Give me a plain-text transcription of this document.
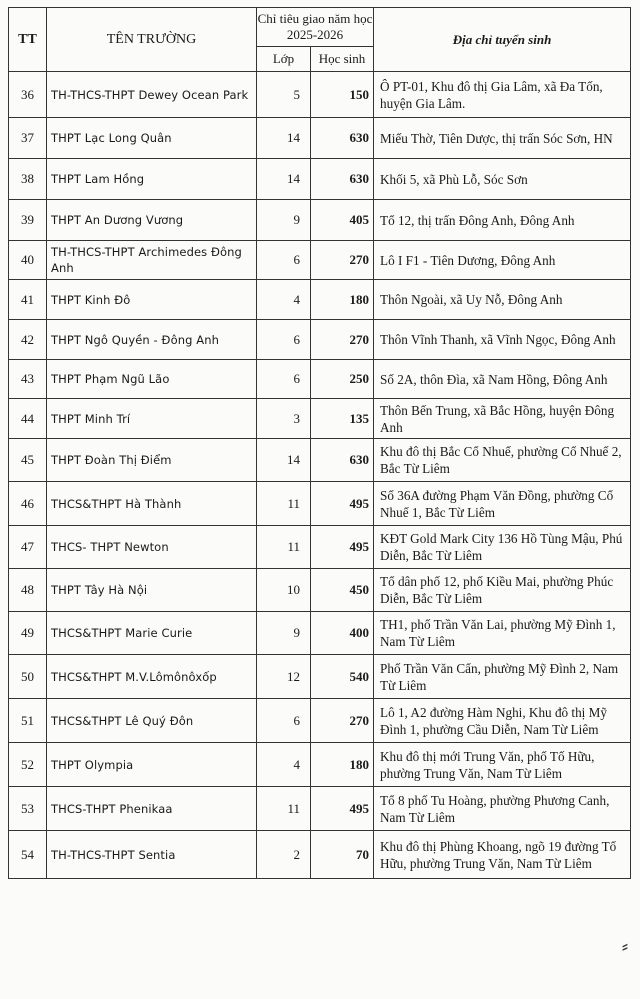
TT	TÊN TRƯỜNG	Chỉ tiêu giao năm học 2025-2026		Địa chỉ tuyển sinh
		Lớp	Học sinh	
36	TH-THCS-THPT Dewey Ocean Park	5	150	Ô PT-01, Khu đô thị Gia Lâm, xã Đa Tốn, huyện Gia Lâm.
37	THPT Lạc Long Quân	14	630	Miếu Thờ, Tiên Dược, thị trấn Sóc Sơn, HN
38	THPT Lam Hồng	14	630	Khối 5, xã Phù Lỗ, Sóc Sơn
39	THPT An Dương Vương	9	405	Tổ 12, thị trấn Đông Anh, Đông Anh
40	TH-THCS-THPT Archimedes Đông Anh	6	270	Lô I F1 - Tiên Dương, Đông Anh
41	THPT Kinh Đô	4	180	Thôn Ngoài, xã Uy Nỗ, Đông Anh
42	THPT Ngô Quyền - Đông Anh	6	270	Thôn Vĩnh Thanh, xã Vĩnh Ngọc, Đông Anh
43	THPT Phạm Ngũ Lão	6	250	Số 2A, thôn Đìa, xã Nam Hồng, Đông Anh
44	THPT Minh Trí	3	135	Thôn Bến Trung, xã Bắc Hồng, huyện Đông Anh
45	THPT Đoàn Thị Điểm	14	630	Khu đô thị Bắc Cổ Nhuế, phường Cổ Nhuế 2, Bắc Từ Liêm
46	THCS&THPT Hà Thành	11	495	Số 36A đường Phạm Văn Đồng, phường Cổ Nhuế 1, Bắc Từ Liêm
47	THCS- THPT Newton	11	495	KĐT Gold Mark City 136 Hồ Tùng Mậu, Phú Diễn, Bắc Từ Liêm
48	THPT Tây Hà Nội	10	450	Tổ dân phố 12, phố Kiều Mai, phường Phúc Diễn, Bắc Từ Liêm
49	THCS&THPT Marie Curie	9	400	TH1, phố Trần Văn Lai, phường Mỹ Đình 1, Nam Từ Liêm
50	THCS&THPT M.V.Lômônôxốp	12	540	Phố Trần Văn Cẩn, phường Mỹ Đình 2, Nam Từ Liêm
51	THCS&THPT Lê Quý Đôn	6	270	Lô 1, A2 đường Hàm Nghi, Khu đô thị Mỹ Đình 1, phường Cầu Diễn, Nam Từ Liêm
52	THPT Olympia	4	180	Khu đô thị mới Trung Văn, phố Tố Hữu, phường Trung Văn, Nam Từ Liêm
53	THCS-THPT Phenikaa	11	495	Tổ 8 phố Tu Hoàng, phường Phương Canh, Nam Từ Liêm
54	TH-THCS-THPT Sentia	2	70	Khu đô thị Phùng Khoang, ngõ 19 đường Tố Hữu, phường Trung Văn, Nam Từ Liêm
⸗
